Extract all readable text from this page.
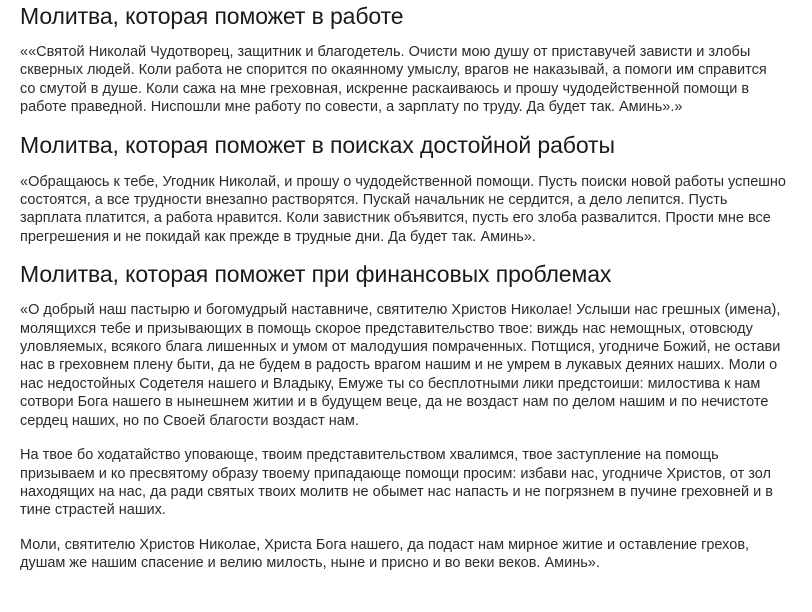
Молитва, которая поможет в работе

««Святой Николай Чудотворец, защитник и благодетель. Очисти мою душу от приставучей зависти и злобы скверных людей. Коли работа не спорится по окаянному умыслу, врагов не наказывай, а помоги им справится со смутой в душе. Коли сажа на мне греховная, искренне раскаиваюсь и прошу чудодейственной помощи в работе праведной. Ниспошли мне работу по совести, а зарплату по труду. Да будет так. Аминь».»

Молитва, которая поможет в поисках достойной работы

«Обращаюсь к тебе, Угодник Николай, и прошу о чудодейственной помощи. Пусть поиски новой работы успешно состоятся, а все трудности внезапно растворятся. Пускай начальник не сердится, а дело лепится. Пусть зарплата платится, а работа нравится. Коли завистник объявится, пусть его злоба развалится. Прости мне все прегрешения и не покидай как прежде в трудные дни. Да будет так. Аминь».

Молитва, которая поможет при финансовых проблемах

«О добрый наш пастырю и богомудрый наставниче, святителю Христов Николае! Услыши нас грешных (имена), молящихся тебе и призывающих в помощь скорое представительство твое: виждь нас немощных, отовсюду уловляемых, всякого блага лишенных и умом от малодушия помраченных. Потщися, угодниче Божий, не остави нас в греховнем плену быти, да не будем в радость врагом нашим и не умрем в лукавых деяних наших. Моли о нас недостойных Содетеля нашего и Владыку, Емуже ты со бесплотными лики предстоиши: милостива к нам сотвори Бога нашего в нынешнем житии и в будущем веце, да не воздаст нам по делом нашим и по нечистоте сердец наших, но по Своей благости воздаст нам.

На твое бо ходатайство уповающе, твоим представительством хвалимся, твое заступление на помощь призываем и ко пресвятому образу твоему припадающе помощи просим: избави нас, угодниче Христов, от зол находящих на нас, да ради святых твоих молитв не обымет нас напасть и не погрязнем в пучине греховней и в тине страстей наших.

Моли, святителю Христов Николае, Христа Бога нашего, да подаст нам мирное житие и оставление грехов, душам же нашим спасение и велию милость, ныне и присно и во веки веков. Аминь».
